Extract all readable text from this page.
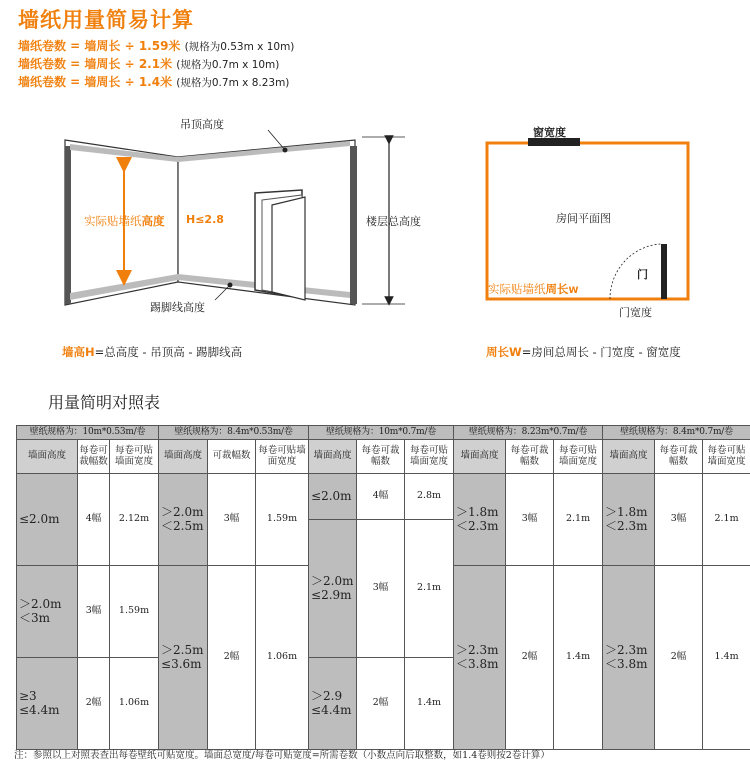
墙纸用量简易计算
墙纸卷数 = 墙周长 ÷ 1.59米 (规格为0.53m x 10m)
墙纸卷数 = 墙周长 ÷ 2.1米 (规格为0.7m x 10m)
墙纸卷数 = 墙周长 ÷ 1.4米 (规格为0.7m x 8.23m)
吊顶高度
踢脚线高度
楼层总高度
实际贴墙纸高度 H≤2.8
窗宽度
房间平面图
门
门宽度
实际贴墙纸周长W
墙高H=总高度 - 吊顶高 - 踢脚线高	周长W=房间总周长 - 门宽度 - 窗宽度
用量简明对照表
壁纸规格为：10m*0.53m/卷			壁纸规格为：8.4m*0.53m/卷			壁纸规格为：10m*0.7m/卷			壁纸规格为：8.23m*0.7m/卷			壁纸规格为：8.4m*0.7m/卷		
墙面高度	每卷可裁幅数	每卷可贴墙面宽度	墙面高度	可裁幅数	每卷可贴墙面宽度	墙面高度	每卷可裁幅数	每卷可贴墙面宽度	墙面高度	每卷可裁幅数	每卷可贴墙面宽度	墙面高度	每卷可裁幅数	每卷可贴墙面宽度
≤2.0m	4幅	2.12m	＞2.0m ＜2.5m	3幅	1.59m	≤2.0m	4幅	2.8m	＞1.8m ＜2.3m	3幅	2.1m	＞1.8m ＜2.3m	3幅	2.1m
						＞2.0m ≤2.9m	3幅	2.1m						
＞2.0m ＜3m	3幅	1.59m	＞2.5m ≤3.6m	2幅	1.06m				＞2.3m ＜3.8m	2幅	1.4m	＞2.3m ＜3.8m	2幅	1.4m

≥3 ≤4.4m	2幅	1.06m				＞2.9 ≤4.4m	2幅	1.4m						

注：参照以上对照表查出每卷壁纸可贴宽度。墙面总宽度/每卷可贴宽度=所需卷数（小数点向后取整数，如1.4卷则按2卷计算）
